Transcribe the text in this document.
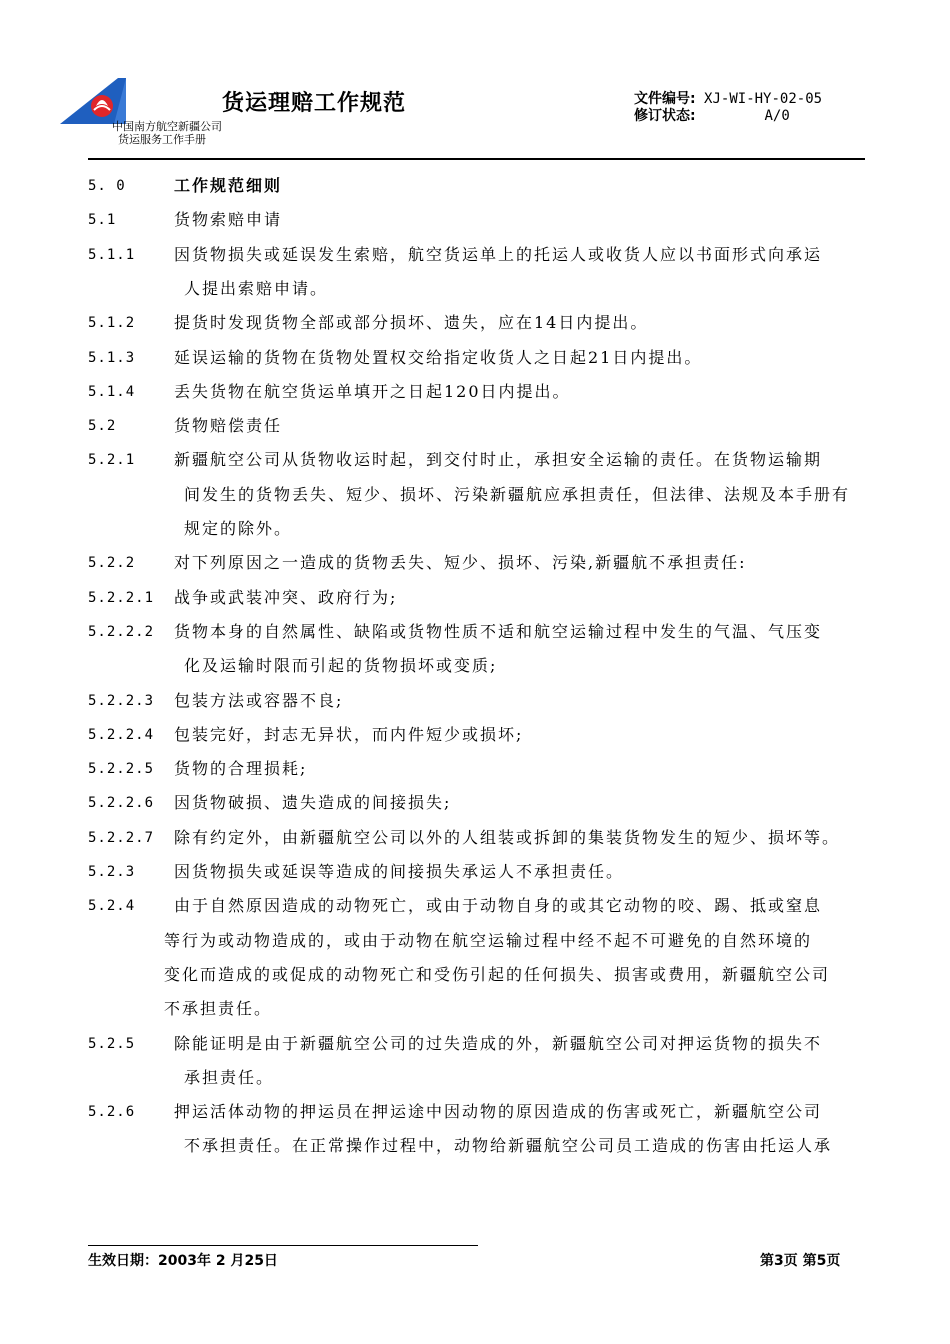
中国南方航空新疆公司
货运服务工作手册
货运理赔工作规范	文件编号: XJ-WI-HY-02-05
修订状态:	A/0
5. 0	工作规范细则
5.1	货物索赔申请
5.1.1 因货物损失或延误发生索赔，航空货运单上的托运人或收货人应以书面形式向承运
人提出索赔申请。
5.1.2 提货时发现货物全部或部分损坏、遗失，应在14日内提出。
5.1.3 延误运输的货物在货物处置权交给指定收货人之日起21日内提出。
5.1.4 丢失货物在航空货运单填开之日起120日内提出。
5.2	货物赔偿责任
5.2.1 新疆航空公司从货物收运时起，到交付时止，承担安全运输的责任。在货物运输期
间发生的货物丢失、短少、损坏、污染新疆航应承担责任，但法律、法规及本手册有
规定的除外。
5.2.2 对下列原因之一造成的货物丢失、短少、损坏、污染,新疆航不承担责任:
5.2.2.1 战争或武装冲突、政府行为;
5.2.2.2 货物本身的自然属性、缺陷或货物性质不适和航空运输过程中发生的气温、气压变
化及运输时限而引起的货物损坏或变质;
5.2.2.3 包装方法或容器不良;
5.2.2.4 包装完好，封志无异状，而内件短少或损坏;
5.2.2.5 货物的合理损耗;
5.2.2.6 因货物破损、遗失造成的间接损失;
5.2.2.7 除有约定外，由新疆航空公司以外的人组装或拆卸的集装货物发生的短少、损坏等。
5.2.3 因货物损失或延误等造成的间接损失承运人不承担责任。
5.2.4 由于自然原因造成的动物死亡，或由于动物自身的或其它动物的咬、踢、抵或窒息
等行为或动物造成的，或由于动物在航空运输过程中经不起不可避免的自然环境的
变化而造成的或促成的动物死亡和受伤引起的任何损失、损害或费用，新疆航空公司
不承担责任。
5.2.5 除能证明是由于新疆航空公司的过失造成的外，新疆航空公司对押运货物的损失不
承担责任。
5.2.6 押运活体动物的押运员在押运途中因动物的原因造成的伤害或死亡，新疆航空公司
不承担责任。在正常操作过程中，动物给新疆航空公司员工造成的伤害由托运人承
生效日期：2003年 2 月25日	第3页 第5页
